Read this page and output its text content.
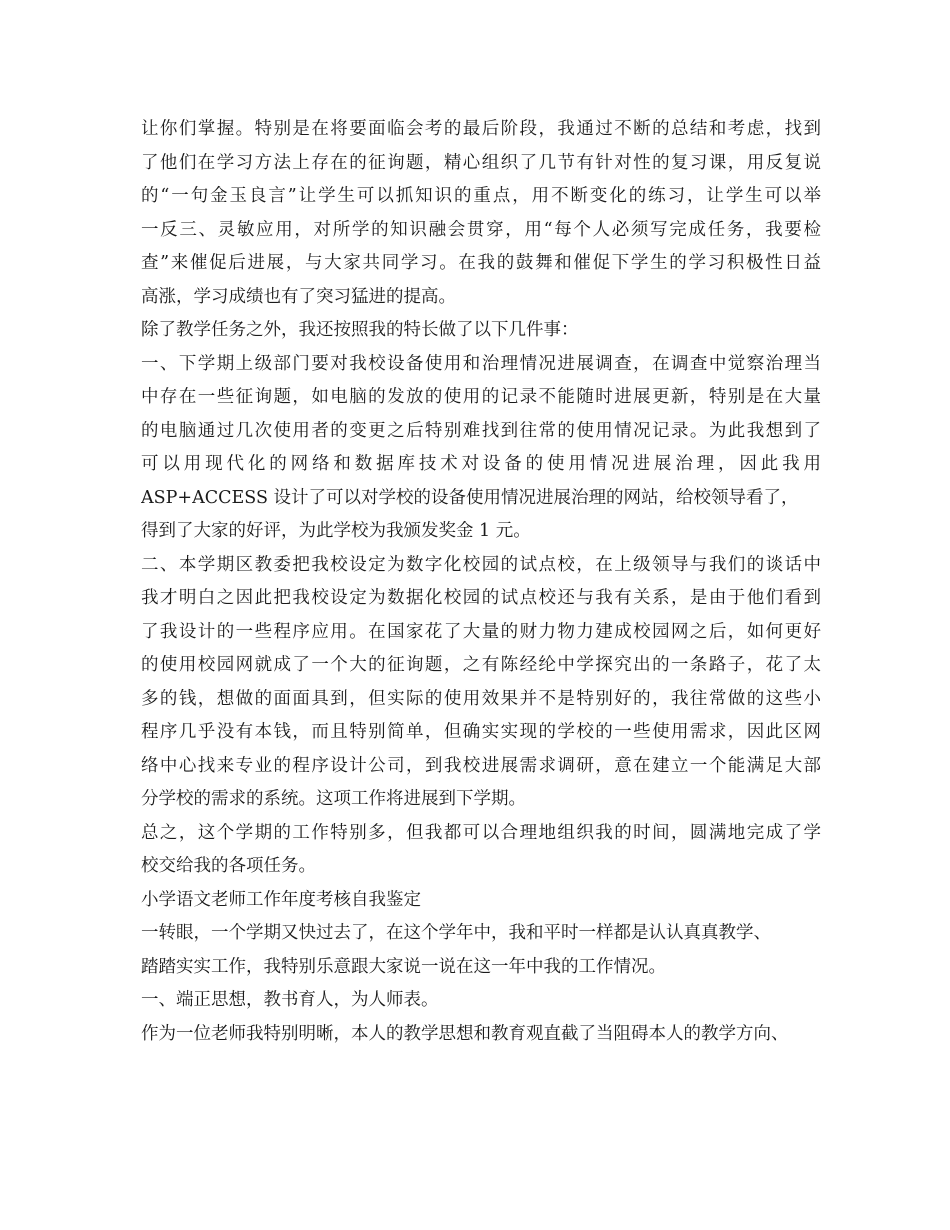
让你们掌握。特别是在将要面临会考的最后阶段，我通过不断的总结和考虑，找到
了他们在学习方法上存在的征询题，精心组织了几节有针对性的复习课，用反复说
的“一句金玉良言”让学生可以抓知识的重点，用不断变化的练习，让学生可以举
一反三、灵敏应用，对所学的知识融会贯穿，用“每个人必须写完成任务，我要检
查”来催促后进展，与大家共同学习。在我的鼓舞和催促下学生的学习积极性日益
高涨，学习成绩也有了突习猛进的提高。
除了教学任务之外，我还按照我的特长做了以下几件事：
一、下学期上级部门要对我校设备使用和治理情况进展调查，在调查中觉察治理当
中存在一些征询题，如电脑的发放的使用的记录不能随时进展更新，特别是在大量
的电脑通过几次使用者的变更之后特别难找到往常的使用情况记录。为此我想到了
可以用现代化的网络和数据库技术对设备的使用情况进展治理，因此我用
ASP+ACCESS 设计了可以对学校的设备使用情况进展治理的网站，给校领导看了，
得到了大家的好评，为此学校为我颁发奖金 1 元。
二、本学期区教委把我校设定为数字化校园的试点校，在上级领导与我们的谈话中
我才明白之因此把我校设定为数据化校园的试点校还与我有关系，是由于他们看到
了我设计的一些程序应用。在国家花了大量的财力物力建成校园网之后，如何更好
的使用校园网就成了一个大的征询题，之有陈经纶中学探究出的一条路子，花了太
多的钱，想做的面面具到，但实际的使用效果并不是特别好的，我往常做的这些小
程序几乎没有本钱，而且特别简单，但确实实现的学校的一些使用需求，因此区网
络中心找来专业的程序设计公司，到我校进展需求调研，意在建立一个能满足大部
分学校的需求的系统。这项工作将进展到下学期。
总之，这个学期的工作特别多，但我都可以合理地组织我的时间，圆满地完成了学
校交给我的各项任务。
小学语文老师工作年度考核自我鉴定
一转眼，一个学期又快过去了，在这个学年中，我和平时一样都是认认真真教学、
踏踏实实工作，我特别乐意跟大家说一说在这一年中我的工作情况。
一、端正思想，教书育人，为人师表。
作为一位老师我特别明晰，本人的教学思想和教育观直截了当阻碍本人的教学方向、
